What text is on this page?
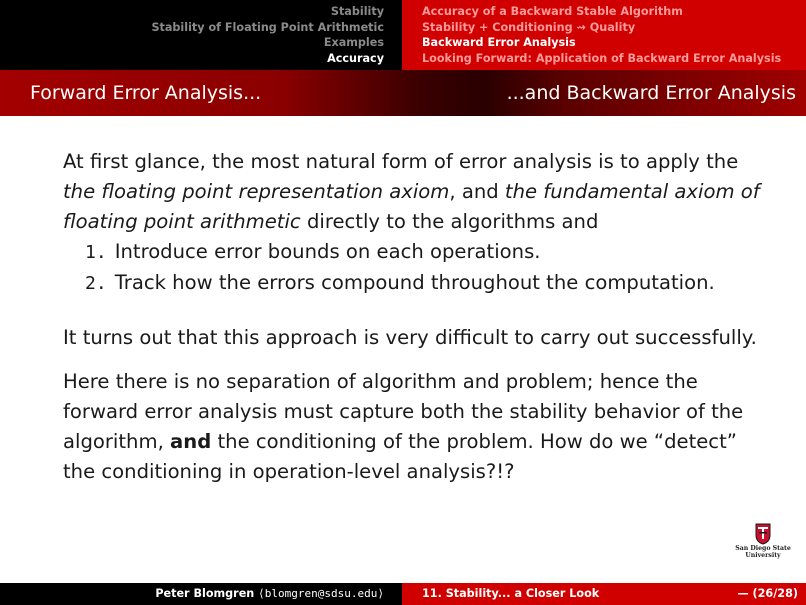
Stability
Stability of Floating Point Arithmetic
Examples
Accuracy
Accuracy of a Backward Stable Algorithm
Stability + Conditioning ⇝ Quality
Backward Error Analysis
Looking Forward: Application of Backward Error Analysis
Forward Error Analysis...	...and Backward Error Analysis

At first glance, the most natural form of error analysis is to apply the the floating point representation axiom, and the fundamental axiom of floating point arithmetic directly to the algorithms and

1. Introduce error bounds on each operations.
2. Track how the errors compound throughout the computation.

It turns out that this approach is very difficult to carry out successfully.

Here there is no separation of algorithm and problem; hence the forward error analysis must capture both the stability behavior of the algorithm, and the conditioning of the problem. How do we “detect” the conditioning in operation-level analysis?!?

San Diego State
University
Peter Blomgren ⟨blomgren@sdsu.edu⟩	11. Stability... a Closer Look	— (26/28)
